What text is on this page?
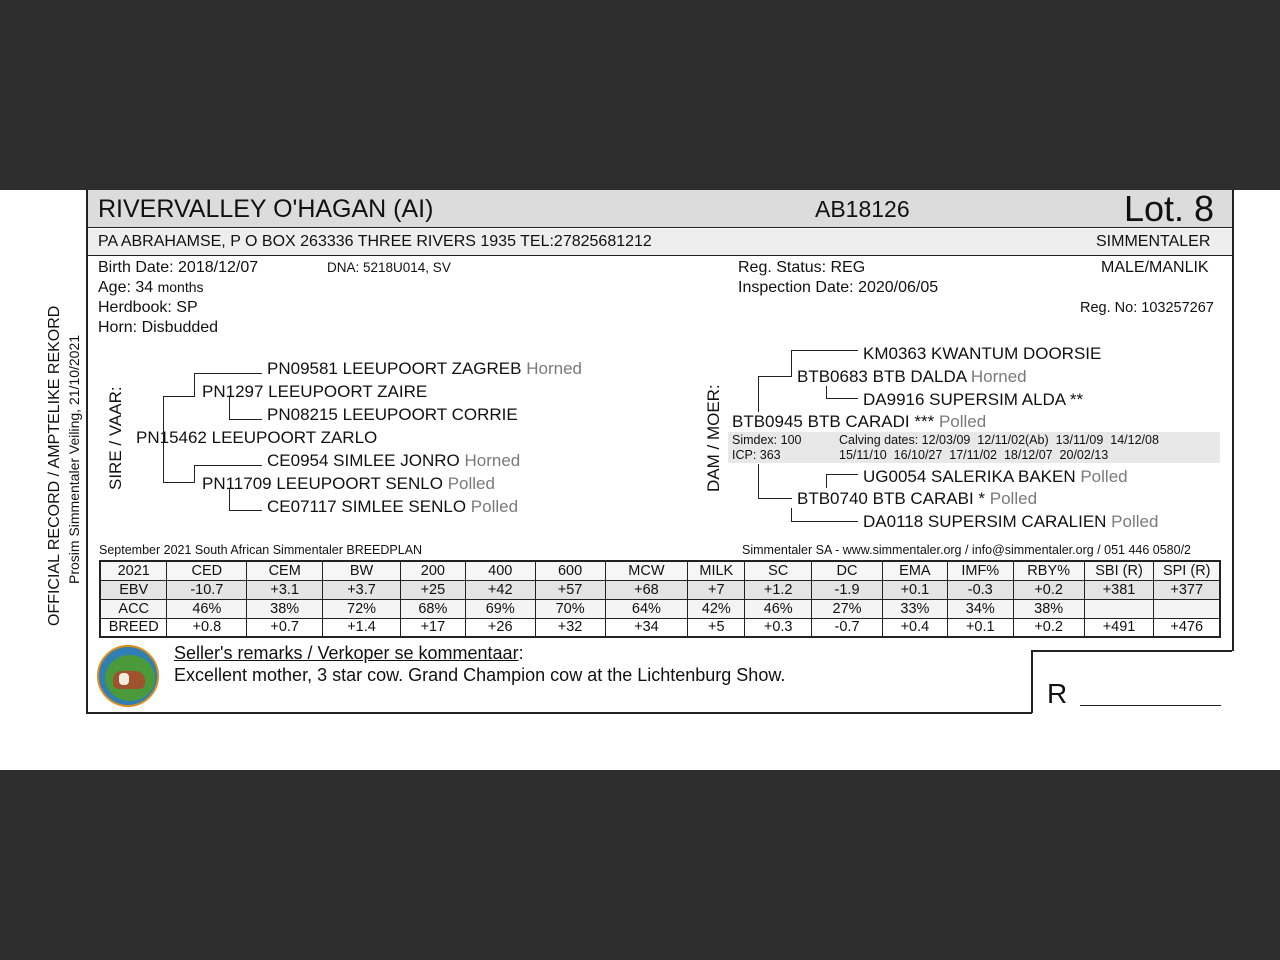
RIVERVALLEY O'HAGAN (AI)	AB18126	Lot. 8
PA ABRAHAMSE, P O BOX 263336 THREE RIVERS 1935 TEL:27825681212	SIMMENTALER
Birth Date: 2018/12/07	DNA: 5218U014, SV
Age: 34 months
Herdbook: SP
Horn: Disbudded
Reg. Status: REG
Inspection Date: 2020/06/05
MALE/MANLIK
Reg. No: 103257267
SIRE / VAAR: PN15462 LEEUPOORT ZARLO
PN1297 LEEUPOORT ZAIRE
PN09581 LEEUPOORT ZAGREB Horned
PN08215 LEEUPOORT CORRIE
PN11709 LEEUPOORT SENLO Polled
CE0954 SIMLEE JONRO Horned
CE07117 SIMLEE SENLO Polled
DAM / MOER:
KM0363 KWANTUM DOORSIE
BTB0683 BTB DALDA Horned
DA9916 SUPERSIM ALDA **
BTB0945 BTB CARADI *** Polled
Simdex: 100
ICP: 363
Calving dates: 12/03/09  12/11/02(Ab)  13/11/09  14/12/08
15/11/10  16/10/27  17/11/02  18/12/07  20/02/13
UG0054 SALERIKA BAKEN Polled
BTB0740 BTB CARABI * Polled
DA0118 SUPERSIM CARALIEN Polled
September 2021 South African Simmentaler BREEDPLAN	Simmentaler SA - www.simmentaler.org / info@simmentaler.org / 051 446 0580/2
2021	CED	CEM	BW	200	400	600	MCW	MILK	SC	DC	EMA	IMF%	RBY%	SBI (R)	SPI (R)
EBV	-10.7	+3.1	+3.7	+25	+42	+57	+68	+7	+1.2	-1.9	+0.1	-0.3	+0.2	+381	+377
ACC	46%	38%	72%	68%	69%	70%	64%	42%	46%	27%	33%	34%	38%		
BREED	+0.8	+0.7	+1.4	+17	+26	+32	+34	+5	+0.3	-0.7	+0.4	+0.1	+0.2	+491	+476
Seller's remarks / Verkoper se kommentaar:
Excellent mother, 3 star cow. Grand Champion cow at the Lichtenburg Show.
R
OFFICIAL RECORD / AMPTELIKE REKORD Prosim Simmentaler Veiling, 21/10/2021
